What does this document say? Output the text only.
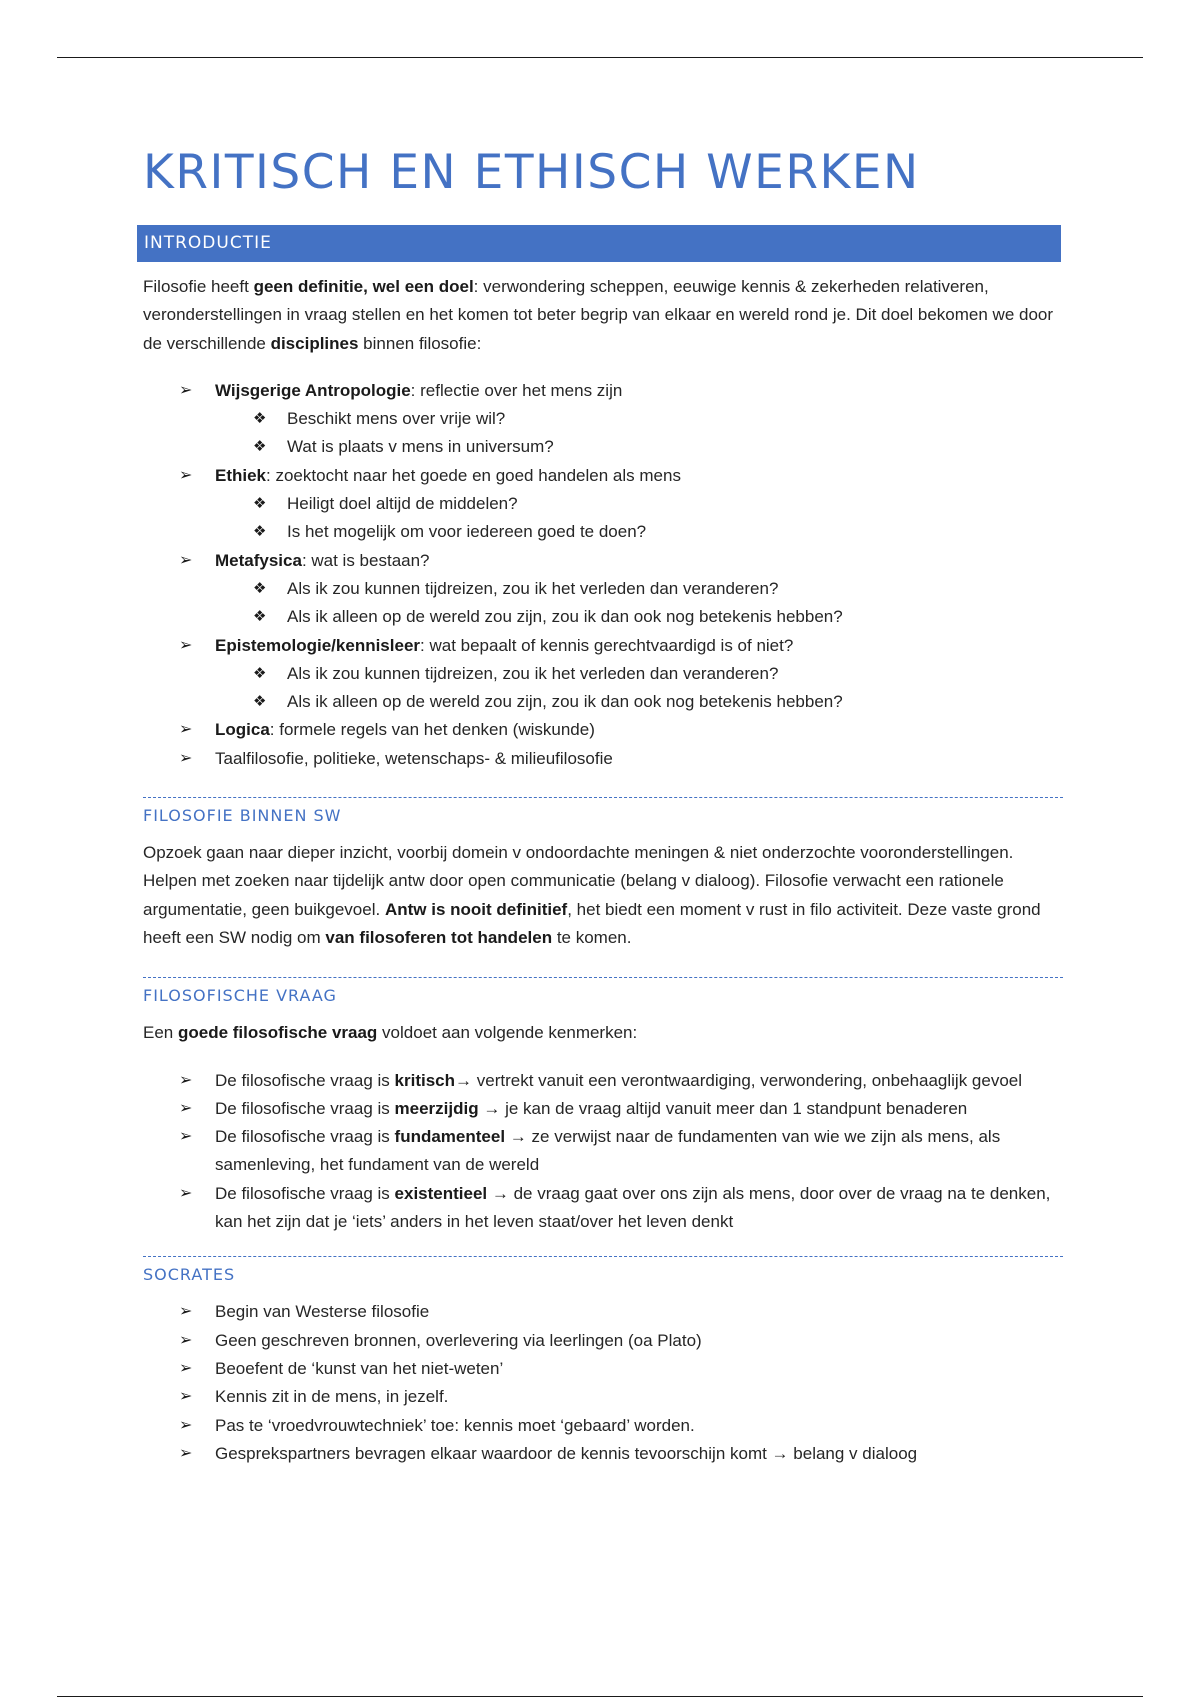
KRITISCH EN ETHISCH WERKEN
INTRODUCTIE

Filosofie heeft geen definitie, wel een doel: verwondering scheppen, eeuwige kennis & zekerheden relativeren, veronderstellingen in vraag stellen en het komen tot beter begrip van elkaar en wereld rond je. Dit doel bekomen we door de verschillende disciplines binnen filosofie:

➢ Wijsgerige Antropologie: reflectie over het mens zijn
❖ Beschikt mens over vrije wil?
❖ Wat is plaats v mens in universum?
➢ Ethiek: zoektocht naar het goede en goed handelen als mens
❖ Heiligt doel altijd de middelen?
❖ Is het mogelijk om voor iedereen goed te doen?
➢ Metafysica: wat is bestaan?
❖ Als ik zou kunnen tijdreizen, zou ik het verleden dan veranderen?
❖ Als ik alleen op de wereld zou zijn, zou ik dan ook nog betekenis hebben?
➢ Epistemologie/kennisleer: wat bepaalt of kennis gerechtvaardigd is of niet?
❖ Als ik zou kunnen tijdreizen, zou ik het verleden dan veranderen?
❖ Als ik alleen op de wereld zou zijn, zou ik dan ook nog betekenis hebben?
➢ Logica: formele regels van het denken (wiskunde)
➢ Taalfilosofie, politieke, wetenschaps- & milieufilosofie
FILOSOFIE BINNEN SW

Opzoek gaan naar dieper inzicht, voorbij domein v ondoordachte meningen & niet onderzochte vooronderstellingen. Helpen met zoeken naar tijdelijk antw door open communicatie (belang v dialoog). Filosofie verwacht een rationele argumentatie, geen buikgevoel. Antw is nooit definitief, het biedt een moment v rust in filo activiteit. Deze vaste grond heeft een SW nodig om van filosoferen tot handelen te komen.

FILOSOFISCHE VRAAG

Een goede filosofische vraag voldoet aan volgende kenmerken:

➢ De filosofische vraag is kritisch→ vertrekt vanuit een verontwaardiging, verwondering, onbehaaglijk gevoel
➢ De filosofische vraag is meerzijdig → je kan de vraag altijd vanuit meer dan 1 standpunt benaderen
➢ De filosofische vraag is fundamenteel → ze verwijst naar de fundamenten van wie we zijn als mens, als samenleving, het fundament van de wereld
➢ De filosofische vraag is existentieel → de vraag gaat over ons zijn als mens, door over de vraag na te denken, kan het zijn dat je ‘iets’ anders in het leven staat/over het leven denkt
SOCRATES
➢ Begin van Westerse filosofie
➢ Geen geschreven bronnen, overlevering via leerlingen (oa Plato)
➢ Beoefent de ‘kunst van het niet-weten’
➢ Kennis zit in de mens, in jezelf.
➢ Pas te ‘vroedvrouwtechniek’ toe: kennis moet ‘gebaard’ worden.
➢ Gesprekspartners bevragen elkaar waardoor de kennis tevoorschijn komt → belang v dialoog
